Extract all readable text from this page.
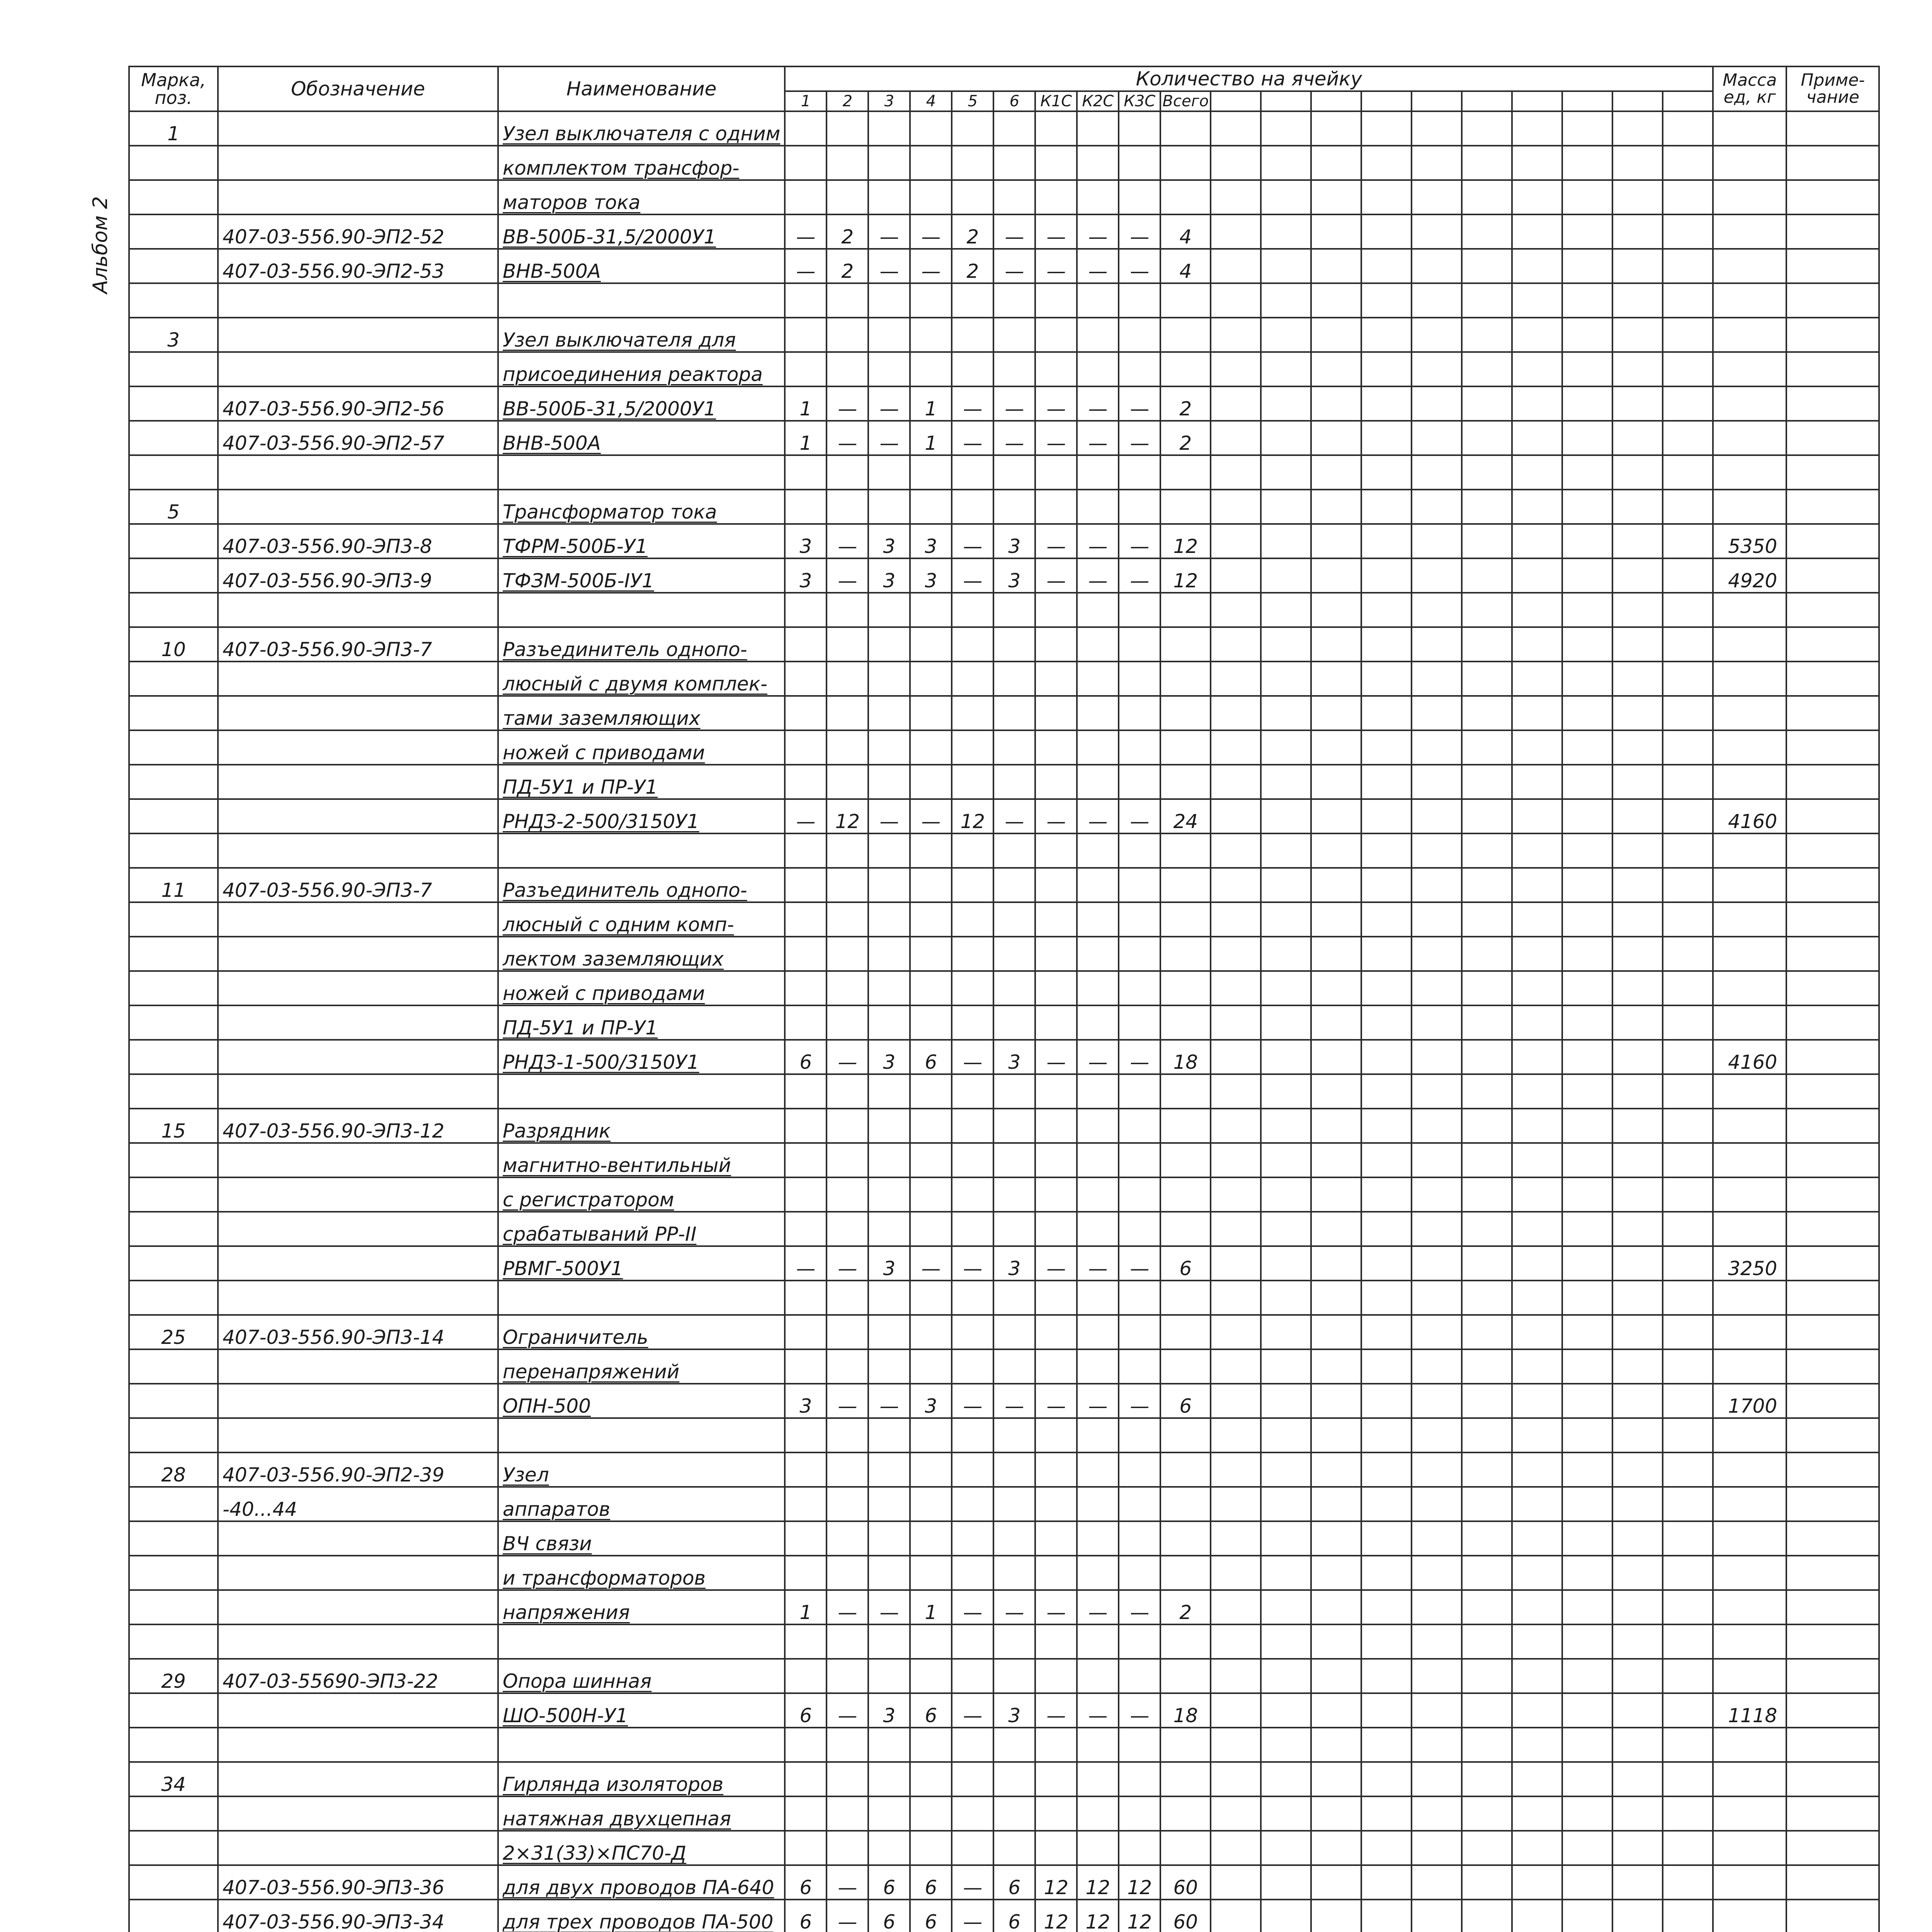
Альбом 2
Марка, поз.	Обозначение	Наименование	Количество на ячейку																				Масса ед, кг	Приме- чание
			1	2	3	4	5	6	К1С	К2С	К3С	Всего												
1		Узел выключателя с одним																						
		комплектом трансфор-																						
		маторов тока																						
	407-03-556.90-ЭП2-52	ВВ-500Б-31,5/2000У1	—	2	—	—	2	—	—	—	—	4												
	407-03-556.90-ЭП2-53	ВНВ-500А	—	2	—	—	2	—	—	—	—	4												

3		Узел выключателя для																						
		присоединения реактора																						
	407-03-556.90-ЭП2-56	ВВ-500Б-31,5/2000У1	1	—	—	1	—	—	—	—	—	2												
	407-03-556.90-ЭП2-57	ВНВ-500А	1	—	—	1	—	—	—	—	—	2												

5		Трансформатор тока																						
	407-03-556.90-ЭП3-8	ТФРМ-500Б-У1	3	—	3	3	—	3	—	—	—	12											5350	
	407-03-556.90-ЭП3-9	ТФЗМ-500Б-IУ1	3	—	3	3	—	3	—	—	—	12											4920	

10	407-03-556.90-ЭП3-7	Разъединитель однопо-																						
		люсный с двумя комплек-																						
		тами заземляющих																						
		ножей с приводами																						
		ПД-5У1 и ПР-У1																						
		РНДЗ-2-500/3150У1	—	12	—	—	12	—	—	—	—	24											4160	

11	407-03-556.90-ЭП3-7	Разъединитель однопо-																						
		люсный с одним комп-																						
		лектом заземляющих																						
		ножей с приводами																						
		ПД-5У1 и ПР-У1																						
		РНДЗ-1-500/3150У1	6	—	3	6	—	3	—	—	—	18											4160	

15	407-03-556.90-ЭП3-12	Разрядник																						
		магнитно-вентильный																						
		с регистратором																						
		срабатываний РР-II																						
		РВМГ-500У1	—	—	3	—	—	3	—	—	—	6											3250	

25	407-03-556.90-ЭП3-14	Ограничитель																						
		перенапряжений																						
		ОПН-500	3	—	—	3	—	—	—	—	—	6											1700	

28	407-03-556.90-ЭП2-39	Узел																						
	-40...44	аппаратов																						
		ВЧ связи																						
		и трансформаторов																						
		напряжения	1	—	—	1	—	—	—	—	—	2												

29	407-03-55690-ЭП3-22	Опора шинная																						
		ШО-500Н-У1	6	—	3	6	—	3	—	—	—	18											1118	

34		Гирлянда изоляторов																						
		натяжная двухцепная																						
		2×31(33)×ПС70-Д																						
	407-03-556.90-ЭП3-36	для двух проводов ПА-640	6	—	6	6	—	6	12	12	12	60												
	407-03-556.90-ЭП3-34	для трех проводов ПА-500	6	—	6	6	—	6	12	12	12	60												
